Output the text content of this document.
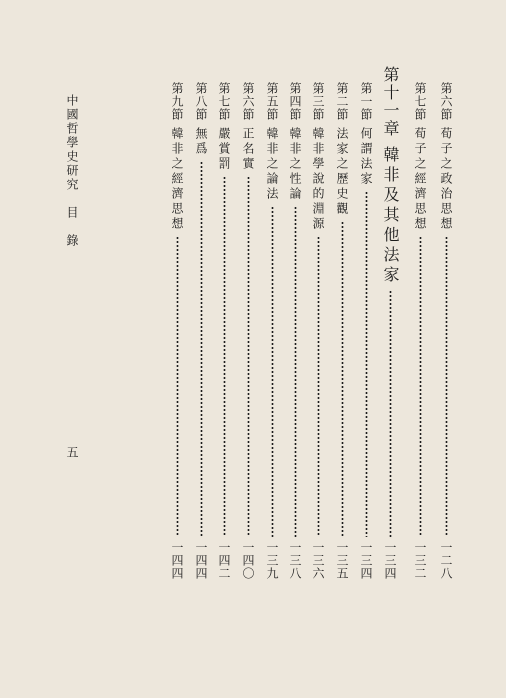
第六節
荀子之政治思想
一二八
第七節
荀子之經濟思想
一三二
第十一章
韓非及其他法家
一三四
第一節
何謂法家
一三四
第二節
法家之歷史觀
一三五
第三節
韓非學說的淵源
一三六
第四節
韓非之性論
一三八
第五節
韓非之論法
一三九
第六節
正名實
一四〇
第七節
嚴賞罰
一四二
第八節
無爲
一四四
第九節
韓非之經濟思想
一四四
中國哲學史研究　目　錄
五
